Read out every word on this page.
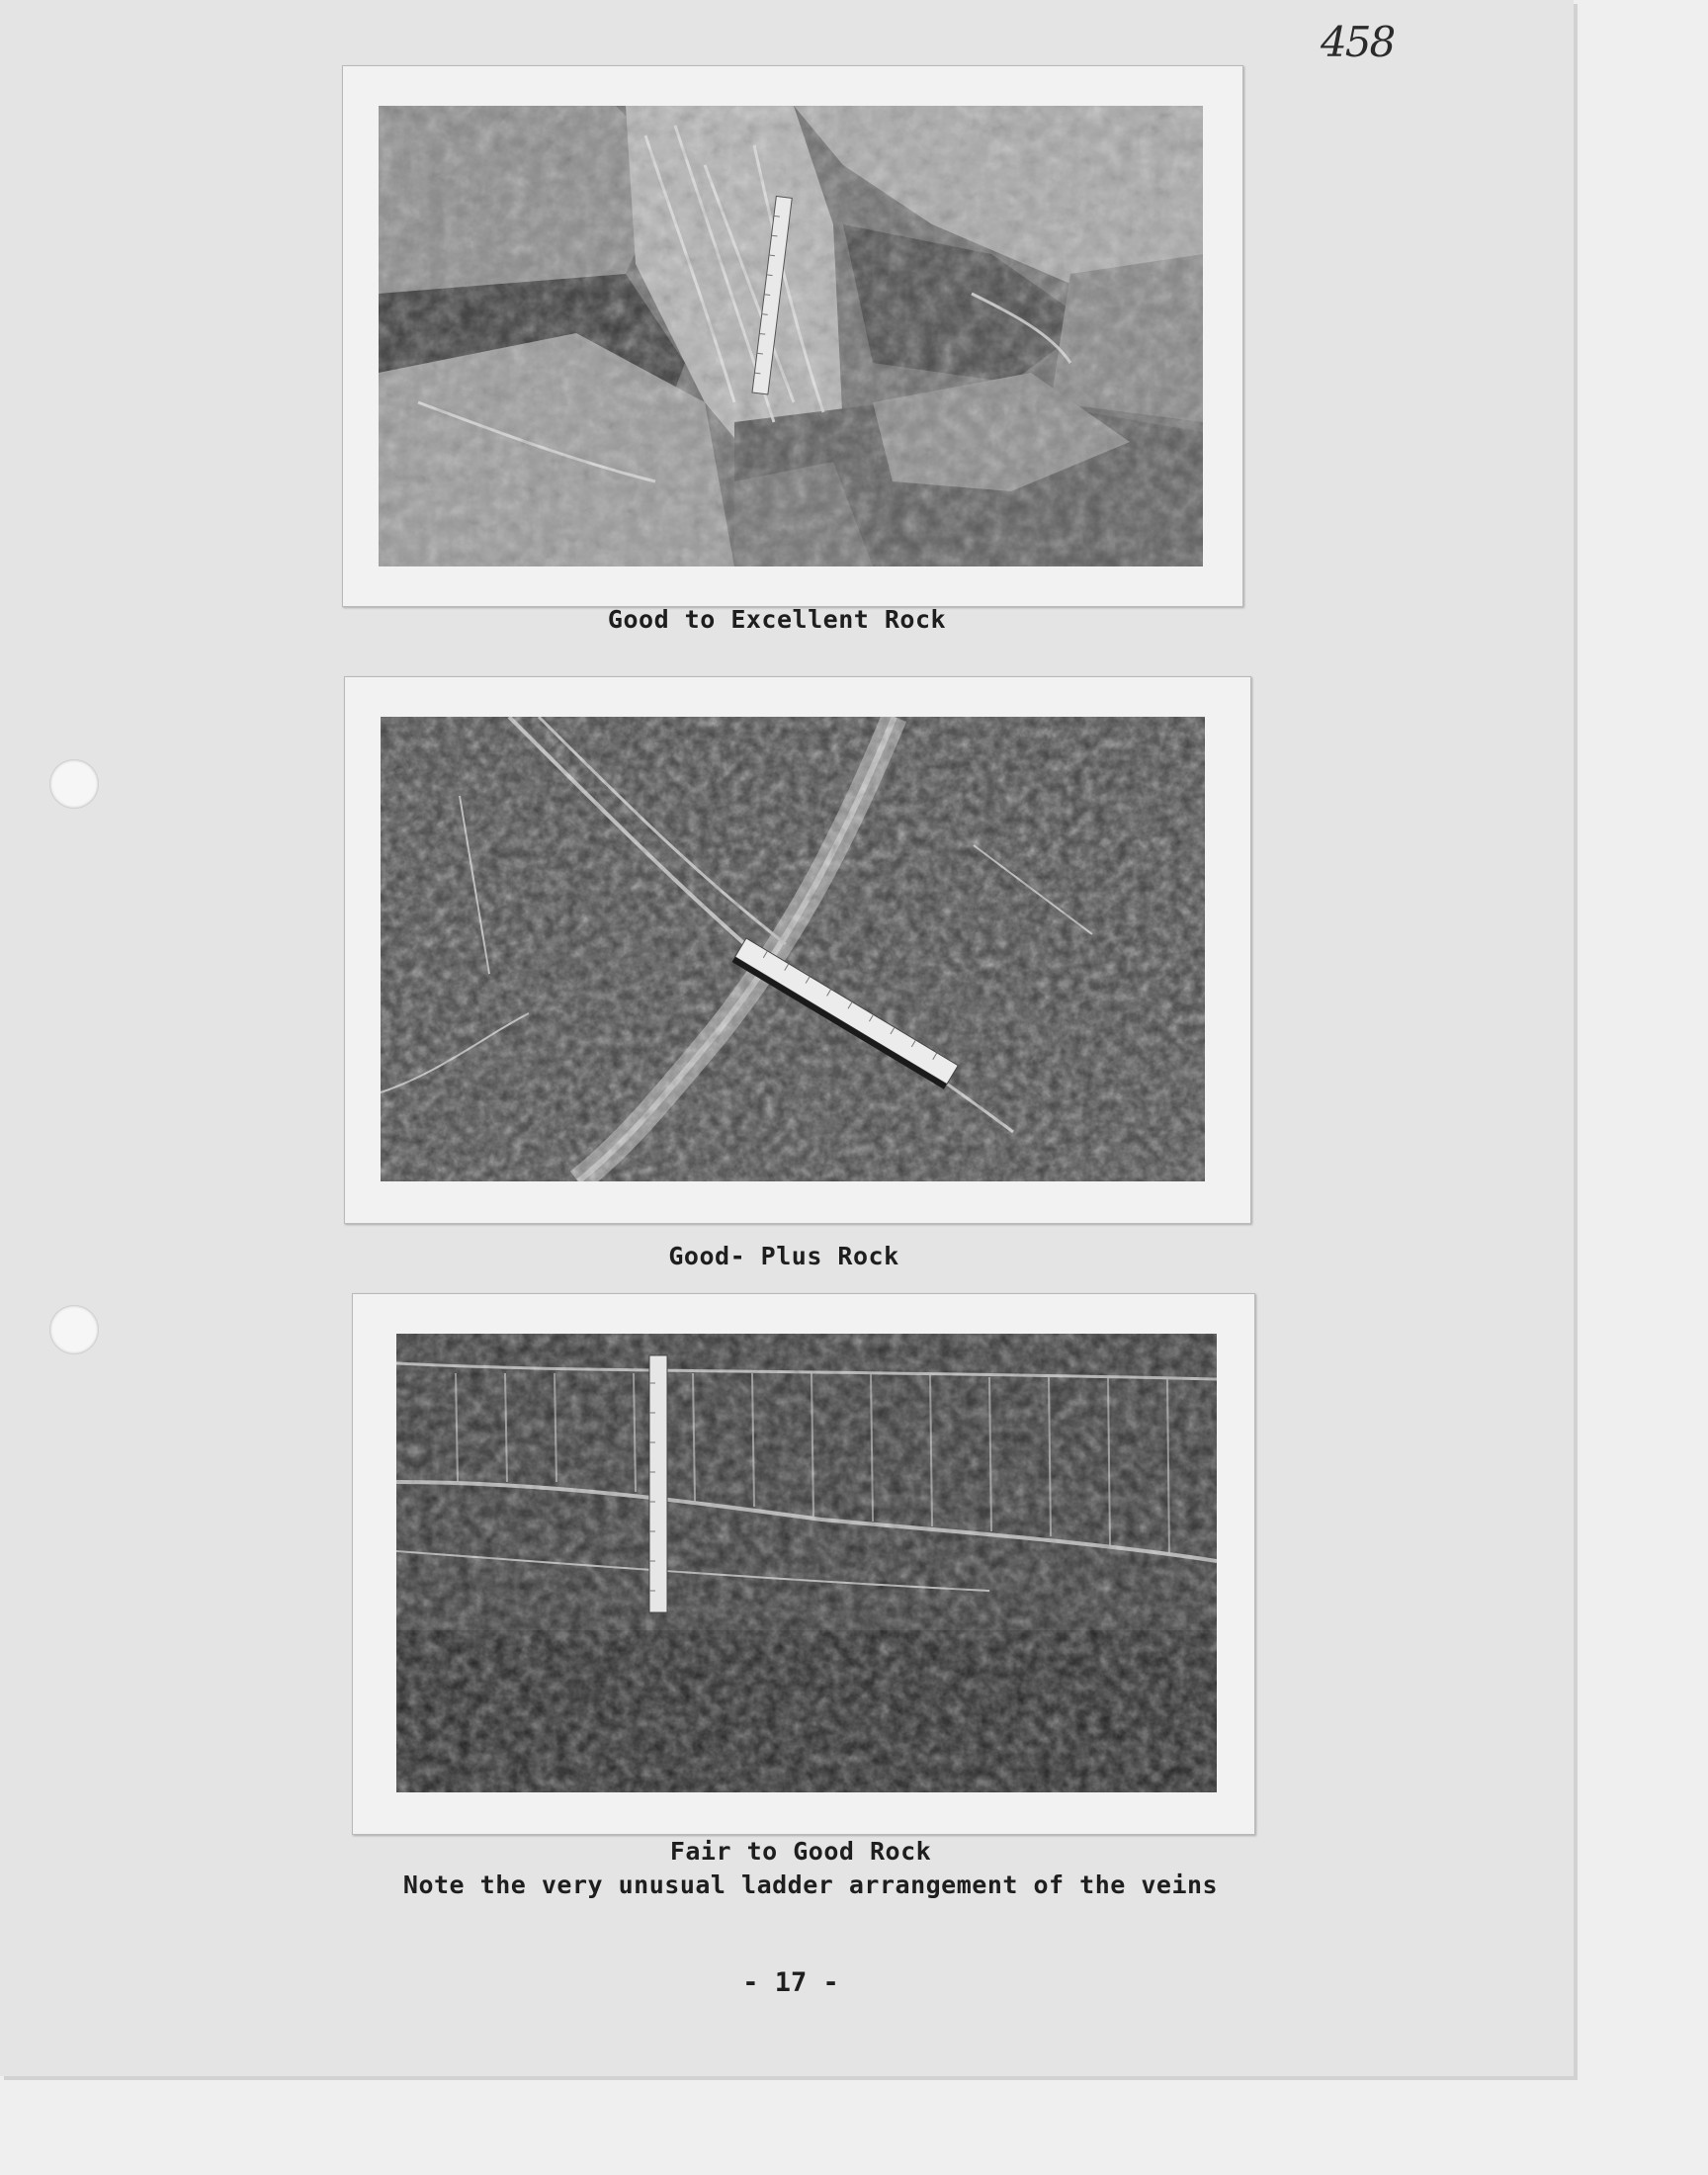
458
Good to Excellent Rock
Good- Plus Rock
Fair to Good Rock
Note the very unusual ladder arrangement of the veins
- 17 -
